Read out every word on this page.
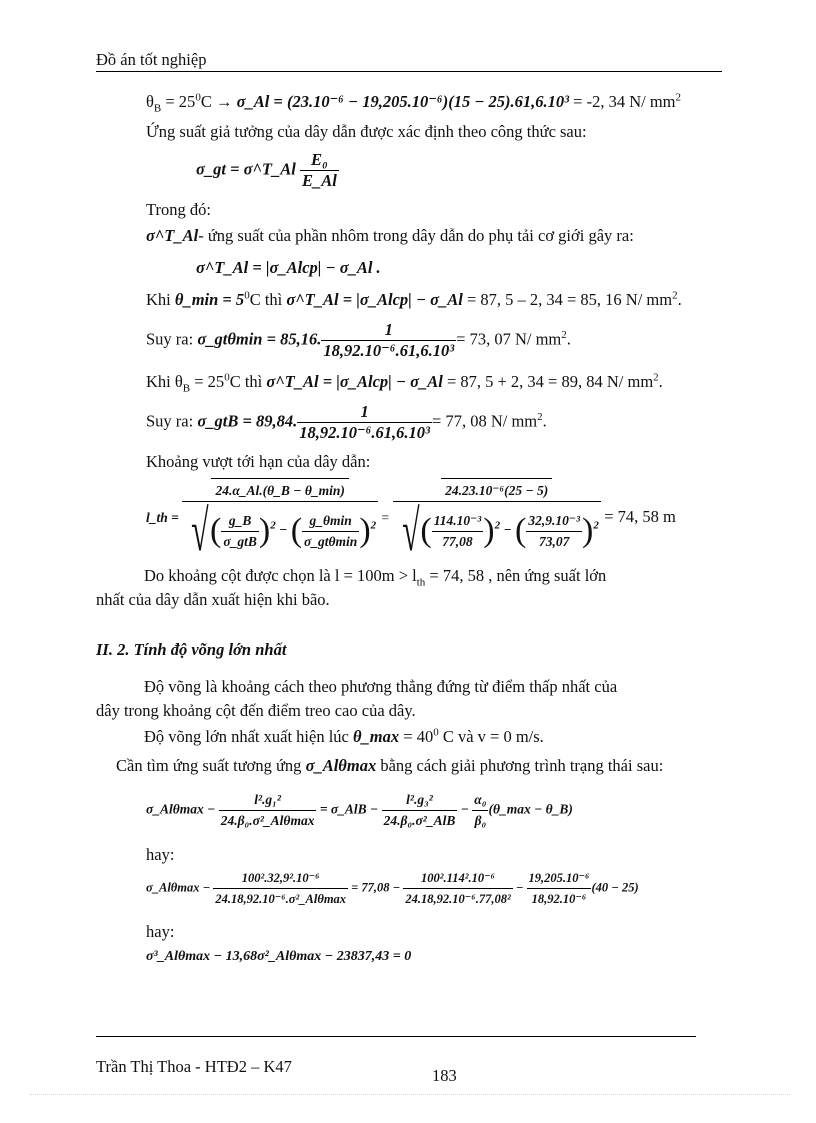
Đồ án tốt nghiệp
$\theta_B = 25^0C$ → σ_Al = (23.10⁻⁶ − 19,205.10⁻⁶)(15 − 25).61,6.10³ = -2, 34 N/ $mm^2$
Ứng suất giả tưởng của dây dẫn được xác định theo công thức sau:
σ_gt = σ^T_Al $\frac{\text{E₀}}{E\_Al}$
Trong đó:
σ^T_Al- ứng suất của phần nhôm trong dây dẫn do phụ tải cơ giới gây ra:
σ^T_Al = |σ_Alcp| − σ_Al .
Khi θ_min = $5^0C$ thì σ^T_Al = |σ_Alcp| − σ_Al = 87, 5 – 2, 34 = 85, 16 N/ $mm^2$.
Suy ra: σ_gtθmin = 85,16. $\frac{1}{\text{18,92.10⁻⁶.61,6.10³}} = 73$, 07 N/ $mm^2$.
Khi $\theta_B = 25^0C$ thì σ^T_Al = |σ_Alcp| − σ_Al = 87, 5 + 2, 34 = 89, 84 N/ $mm^2$.
Suy ra: σ_gtB = 89,84. $\frac{1}{\text{18,92.10⁻⁶.61,6.10³}} = 77$, 08 N/ $mm^2$.
Khoảng vượt tới hạn của dây dẫn:
l_th = $\frac{24.\alpha\_Al.(\theta\_B - \theta\_\min)}{√( \frac{g\_B}{\text{σ\_gtB}} )^2 - ( \frac{g\_\theta\min}{\text{σ\_gtθmin}} )^2} = \frac{\text{24.23.10⁻⁶(25 − 5)}}{√( \frac{\text{114.10⁻³}}{77,08} )^2 - ( \frac{\text{32,9.10⁻³}}{73,07} )^2} = 74$, 58 m
Do khoảng cột được chọn là $l = 100m > l_{th} = 74$, 58 , nên ứng suất lớn
nhất của dây dẫn xuất hiện khi bão.
II. 2. Tính độ võng lớn nhất
Độ võng là khoảng cách theo phương thẳng đứng từ điểm thấp nhất của
dây trong khoảng cột đến điểm treo cao của dây.
Độ võng lớn nhất xuất hiện lúc θ_max = $40^0$ C và v = 0 m/s.
Cần tìm ứng suất tương ứng σ_Alθmax bằng cách giải phương trình trạng thái sau:
σ_Alθmax − $\frac{\text{l².g₁²}}{\text{24.β₀.σ²\_Alθmax}}$ = σ_AlB − $\frac{\text{l².g₃²}}{\text{24.β₀.σ²\_AlB}} - \frac{\text{α₀}}{\text{β₀}}$ (θ_max − θ_B)
hay:
σ_Alθmax − $\frac{\text{100².32,9².10⁻⁶}}{\text{24.18,92.10⁻⁶.σ²\_Alθmax}} = 77,08 - \frac{\text{100².114².10⁻⁶}}{\text{24.18,92.10⁻⁶.77,08²}} - \frac{\text{19,205.10⁻⁶}}{\text{18,92.10⁻⁶}} (40 - 25)$
hay:
σ³_Alθmax − 13,68σ²_Alθmax − 23837,43 = 0
Trần Thị Thoa - HTĐ2 – K47	183
